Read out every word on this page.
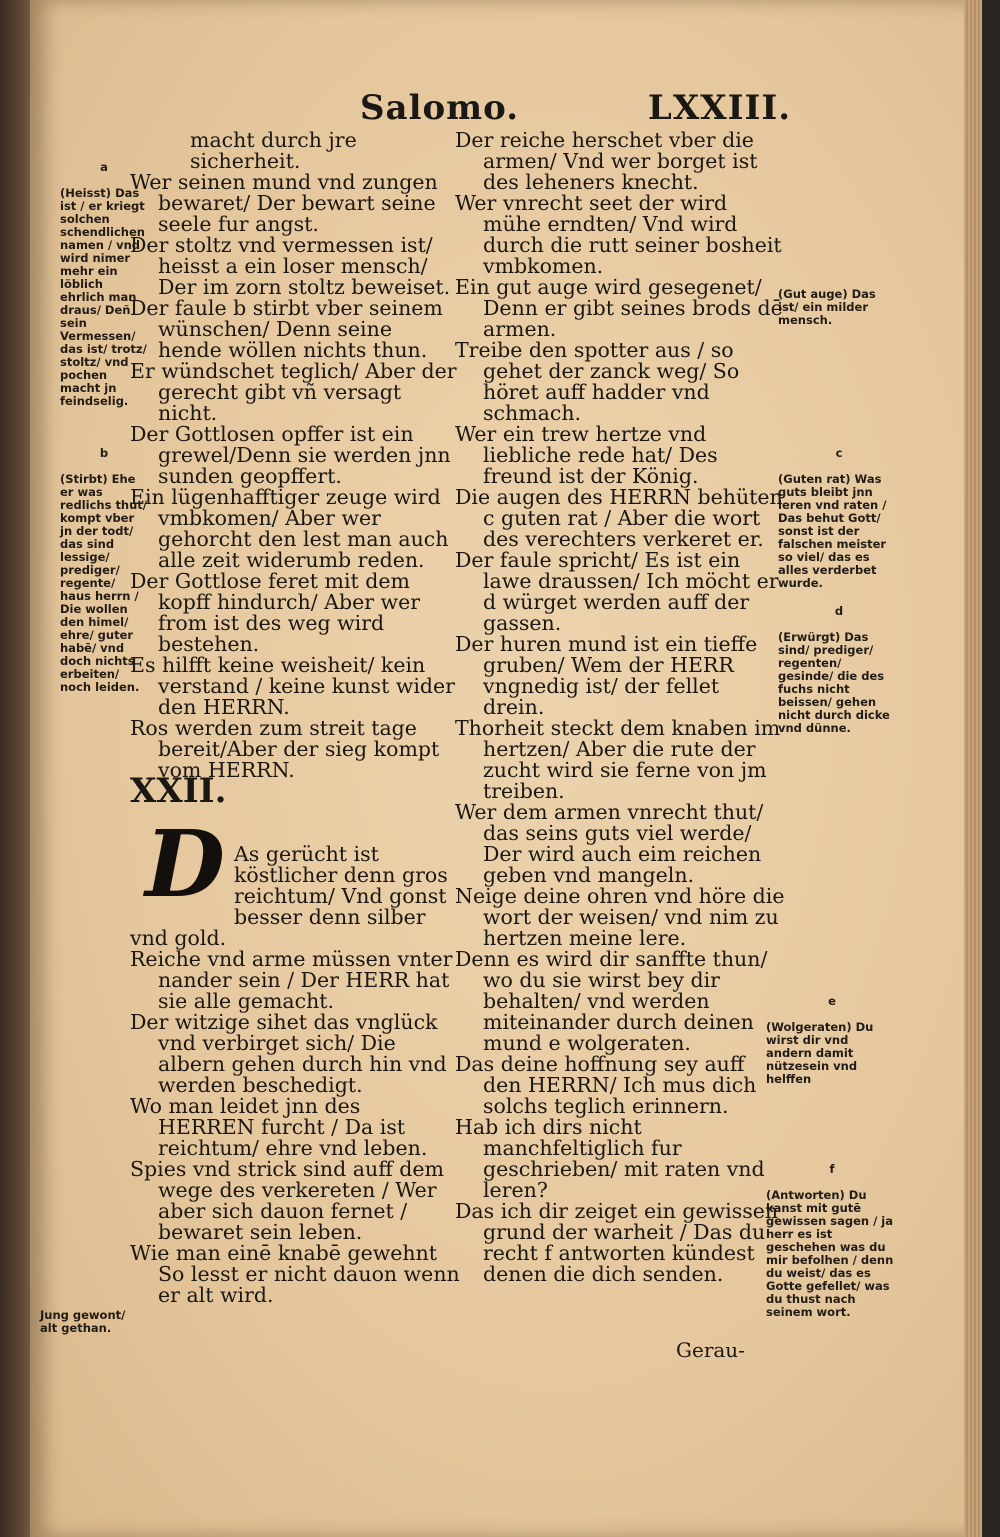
Salomo.	LXXIII.

macht durch jre sicherheit.

Wer seinen mund vnd zungen bewaret/ Der bewart seine seele fur angst.

Der stoltz vnd vermessen ist/ heisst a ein loser mensch/ Der im zorn stoltz beweiset.

Der faule b stirbt vber seinem wünschen/ Denn seine hende wöllen nichts thun.

Er wündschet teglich/ Aber der gerecht gibt vñ versagt nicht.

Der Gottlosen opffer ist ein grewel/Denn sie werden jnn sunden geopffert.

Ein lügenhafftiger zeuge wird vmbkomen/ Aber wer gehorcht den lest man auch alle zeit widerumb reden.

Der Gottlose feret mit dem kopff hindurch/ Aber wer from ist des weg wird bestehen.

Es hilfft keine weisheit/ kein verstand / keine kunst wider den HERRN.

Ros werden zum streit tage bereit/Aber der sieg kompt vom HERRN.

XXII.

D As gerücht ist köstlicher denn gros reichtum/ Vnd gonst besser denn silber vnd gold.

Reiche vnd arme müssen vnter nander sein / Der HERR hat sie alle gemacht.

Der witzige sihet das vnglück vnd verbirget sich/ Die albern gehen durch hin vnd werden beschedigt.

Wo man leidet jnn des HERREN furcht / Da ist reichtum/ ehre vnd leben.

Spies vnd strick sind auff dem wege des verkereten / Wer aber sich dauon fernet / bewaret sein leben.

Wie man einē knabē gewehnt So lesst er nicht dauon wenn er alt wird.

Der reiche herschet vber die armen/ Vnd wer borget ist des leheners knecht.

Wer vnrecht seet der wird mühe erndten/ Vnd wird durch die rutt seiner bosheit vmbkomen.

Ein gut auge wird gesegenet/ Denn er gibt seines brods dē armen.

Treibe den spotter aus / so gehet der zanck weg/ So höret auff hadder vnd schmach.

Wer ein trew hertze vnd liebliche rede hat/ Des freund ist der König.

Die augen des HERRN behüten c guten rat / Aber die wort des verechters verkeret er.

Der faule spricht/ Es ist ein lawe draussen/ Ich möcht er d würget werden auff der gassen.

Der huren mund ist ein tieffe gruben/ Wem der HERR vngnedig ist/ der fellet drein.

Thorheit steckt dem knaben im hertzen/ Aber die rute der zucht wird sie ferne von jm treiben.

Wer dem armen vnrecht thut/ das seins guts viel werde/ Der wird auch eim reichen geben vnd mangeln.

Neige deine ohren vnd höre die wort der weisen/ vnd nim zu hertzen meine lere.

Denn es wird dir sanffte thun/ wo du sie wirst bey dir behalten/ vnd werden miteinander durch deinen mund e wolgeraten.

Das deine hoffnung sey auff den HERRN/ Ich mus dich solchs teglich erinnern.

Hab ich dirs nicht manchfeltiglich fur geschrieben/ mit raten vnd leren?

Das ich dir zeiget ein gewissen grund der warheit / Das du recht f antworten kündest denen die dich senden.

Gerau-

a

(Heisst) Das ist / er kriegt solchen schendlichen namen / vnd wird nimer mehr ein löblich ehrlich man draus/ Deñ sein Vermessen/ das ist/ trotz/ stoltz/ vnd pochen macht jn feindselig.

b

(Stirbt) Ehe er was redlichs thut/ kompt vber jn der todt/ das sind lessige/ prediger/ regente/ haus herrn / Die wollen den himel/ ehre/ guter habē/ vnd doch nichts erbeiten/ noch leiden.

Jung gewont/ alt gethan.

(Gut auge) Das ist/ ein milder mensch.

c

(Guten rat) Was guts bleibt jnn leren vnd raten / Das behut Gott/ sonst ist der falschen meister so viel/ das es alles verderbet wurde.

d

(Erwürgt) Das sind/ prediger/ regenten/ gesinde/ die des fuchs nicht beissen/ gehen nicht durch dicke vnd dünne.

e

(Wolgeraten) Du wirst dir vnd andern damit nützesein vnd helffen

f

(Antworten) Du kanst mit gutē gewissen sagen / ja herr es ist geschehen was du mir befolhen / denn du weist/ das es Gotte gefellet/ was du thust nach seinem wort.
